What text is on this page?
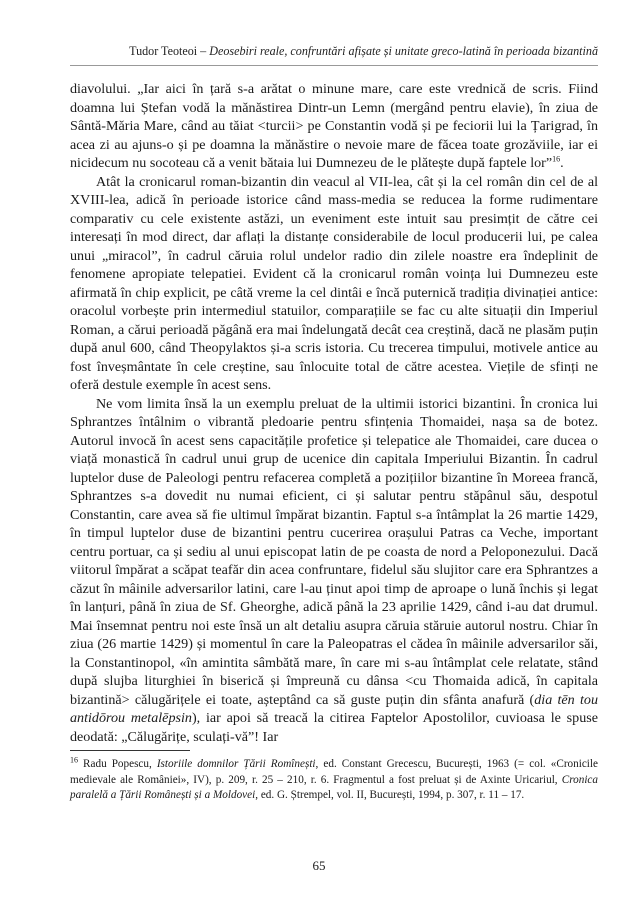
Tudor Teoteoi – Deosebiri reale, confruntări afișate și unitate greco-latină în perioada bizantină

diavolului. „Iar aici în țară s-a arătat o minune mare, care este vrednică de scris. Fiind doamna lui Ștefan vodă la mănăstirea Dintr-un Lemn (mergând pentru elavie), în ziua de Sântă-Măria Mare, când au tăiat <turcii> pe Constantin vodă și pe feciorii lui la Țarigrad, în acea zi au ajuns-o și pe doamna la mănăstire o nevoie mare de făcea toate grozăviile, iar ei nicidecum nu socoteau că a venit bătaia lui Dumnezeu de le plătește după faptele lor”$^{16}$.

Atât la cronicarul roman-bizantin din veacul al VII-lea, cât și la cel român din cel de al XVIII-lea, adică în perioade istorice când mass-media se reducea la forme rudimentare comparativ cu cele existente astăzi, un eveniment este intuit sau presimțit de către cei interesați în mod direct, dar aflați la distanțe considerabile de locul producerii lui, pe calea unui „miracol”, în cadrul căruia rolul undelor radio din zilele noastre era îndeplinit de fenomene apropiate telepatiei. Evident că la cronicarul român voința lui Dumnezeu este afirmată în chip explicit, pe câtă vreme la cel dintâi e încă puternică tradiția divinației antice: oracolul vorbește prin intermediul statuilor, comparațiile se fac cu alte situații din Imperiul Roman, a cărui perioadă păgână era mai îndelungată decât cea creștină, dacă ne plasăm puțin după anul 600, când Theopylaktos și-a scris istoria. Cu trecerea timpului, motivele antice au fost înveșmântate în cele creștine, sau înlocuite total de către acestea. Viețile de sfinți ne oferă destule exemple în acest sens.

Ne vom limita însă la un exemplu preluat de la ultimii istorici bizantini. În cronica lui Sphrantzes întâlnim o vibrantă pledoarie pentru sfințenia Thomaidei, nașa sa de botez. Autorul invocă în acest sens capacitățile profetice și telepatice ale Thomaidei, care ducea o viață monastică în cadrul unui grup de ucenice din capitala Imperiului Bizantin. În cadrul luptelor duse de Paleologi pentru refacerea completă a pozițiilor bizantine în Moreea francă, Sphrantzes s-a dovedit nu numai eficient, ci și salutar pentru stăpânul său, despotul Constantin, care avea să fie ultimul împărat bizantin. Faptul s-a întâmplat la 26 martie 1429, în timpul luptelor duse de bizantini pentru cucerirea orașului Patras ca Veche, important centru portuar, ca și sediu al unui episcopat latin de pe coasta de nord a Peloponezului. Dacă viitorul împărat a scăpat teafăr din acea confruntare, fidelul său slujitor care era Sphrantzes a căzut în mâinile adversarilor latini, care l-au ținut apoi timp de aproape o lună închis și legat în lanțuri, până în ziua de Sf. Gheorghe, adică până la 23 aprilie 1429, când i-au dat drumul. Mai însemnat pentru noi este însă un alt detaliu asupra căruia stăruie autorul nostru. Chiar în ziua (26 martie 1429) și momentul în care la Paleopatras el cădea în mâinile adversarilor săi, la Constantinopol, «în amintita sâmbătă mare, în care mi s-au întâmplat cele relatate, stând după slujba liturghiei în biserică și împreună cu dânsa <cu Thomaida adică, în capitala bizantină> călugărițele ei toate, așteptând ca să guste puțin din sfânta anafură (dia tēn tou antidōrou metalēpsin), iar apoi să treacă la citirea Faptelor Apostolilor, cuvioasa le spuse deodată: „Călugărițe, sculați-vă”! Iar

$^{16}$ Radu Popescu, Istoriile domnilor Țării Romînești, ed. Constant Grecescu, București, 1963 (= col. «Cronicile medievale ale României», IV), p. 209, r. 25 – 210, r. 6. Fragmentul a fost preluat și de Axinte Uricariul, Cronica paralelă a Țării Românești și a Moldovei, ed. G. Ștrempel, vol. II, București, 1994, p. 307, r. 11 – 17.

65
